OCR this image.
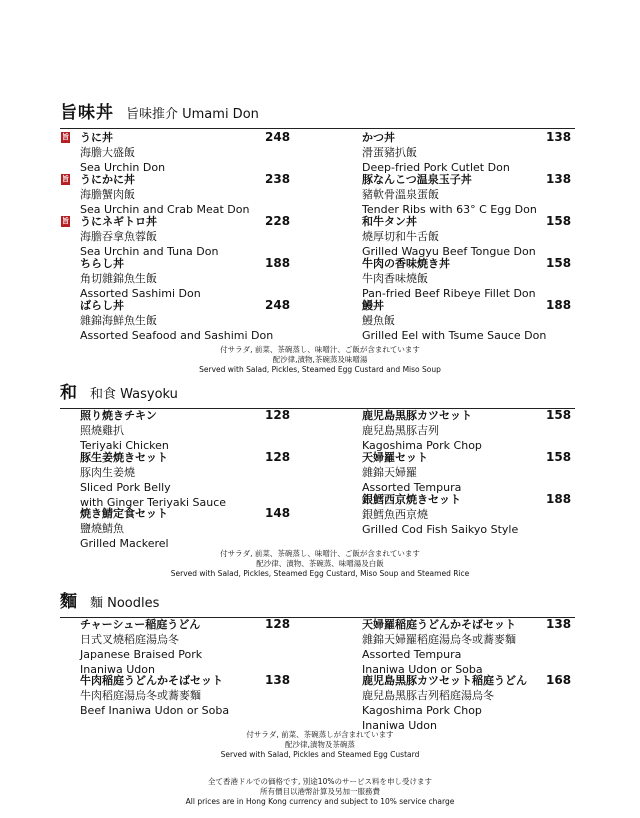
旨味丼 旨味推介 Umami Don
うに丼
海膽大盛飯
Sea Urchin Don
248
旨
うにかに丼
海膽蟹肉飯
Sea Urchin and Crab Meat Don
238
旨
うにネギトロ丼
海膽吞拿魚蓉飯
Sea Urchin and Tuna Don
228
旨
ちらし丼
角切雜錦魚生飯
Assorted Sashimi Don
188
ばらし丼
雜錦海鮮魚生飯
Assorted Seafood and Sashimi Don
248
かつ丼
滑蛋豬扒飯
Deep-fried Pork Cutlet Don
138
豚なんこつ温泉玉子丼
豬軟骨溫泉蛋飯
Tender Ribs with 63° C Egg Don
138
和牛タン丼
燒厚切和牛舌飯
Grilled Wagyu Beef Tongue Don
158
牛肉の香味焼き丼
牛肉香味燒飯
Pan-fried Beef Ribeye Fillet Don
158
鰻丼
鰻魚飯
Grilled Eel with Tsume Sauce Don
188
付サラダ, 前菜、茶碗蒸し、味噌汁、ご飯が含まれています
配沙律,漬物,茶碗蒸及味噌湯
Served with Salad, Pickles, Steamed Egg Custard and Miso Soup
和 和食 Wasyoku
照り焼きチキン
照燒雞扒
Teriyaki Chicken
128
豚生姜焼きセット
豚肉生姜燒
Sliced Pork Belly
with Ginger Teriyaki Sauce
128
焼き鯖定食セット
鹽燒鯖魚
Grilled Mackerel
148
鹿児島黒豚カツセット
鹿兒島黑豚吉列
Kagoshima Pork Chop
158
天婦羅セット
雜錦天婦羅
Assorted Tempura
158
銀鱈西京焼きセット
銀鱈魚西京燒
Grilled Cod Fish Saikyo Style
188
付サラダ, 前菜、茶碗蒸し、味噌汁、ご飯が含まれています
配沙律、漬物、茶碗蒸、味噌湯及白飯
Served with Salad, Pickles, Steamed Egg Custard, Miso Soup and Steamed Rice
麵 麵 Noodles
チャーシュー稲庭うどん
日式叉燒稻庭湯烏冬
Japanese Braised Pork
Inaniwa Udon
128
牛肉稲庭うどんかそばセット
牛肉稻庭湯烏冬或蕎麥麵
Beef Inaniwa Udon or Soba
138
天婦羅稲庭うどんかそばセット
雜錦天婦羅稻庭湯烏冬或蕎麥麵
Assorted Tempura
Inaniwa Udon or Soba
138
鹿児島黒豚カツセット稲庭うどん
鹿兒島黑豚吉列稻庭湯烏冬
Kagoshima Pork Chop
Inaniwa Udon
168
付サラダ, 前菜、茶碗蒸しが含まれています
配沙律,漬物及茶碗蒸
Served with Salad, Pickles and Steamed Egg Custard
全て香港ドルでの価格です, 別途10%のサービス料を申し受けます
所有價目以港幣計算及另加一服務費
All prices are in Hong Kong currency and subject to 10% service charge
